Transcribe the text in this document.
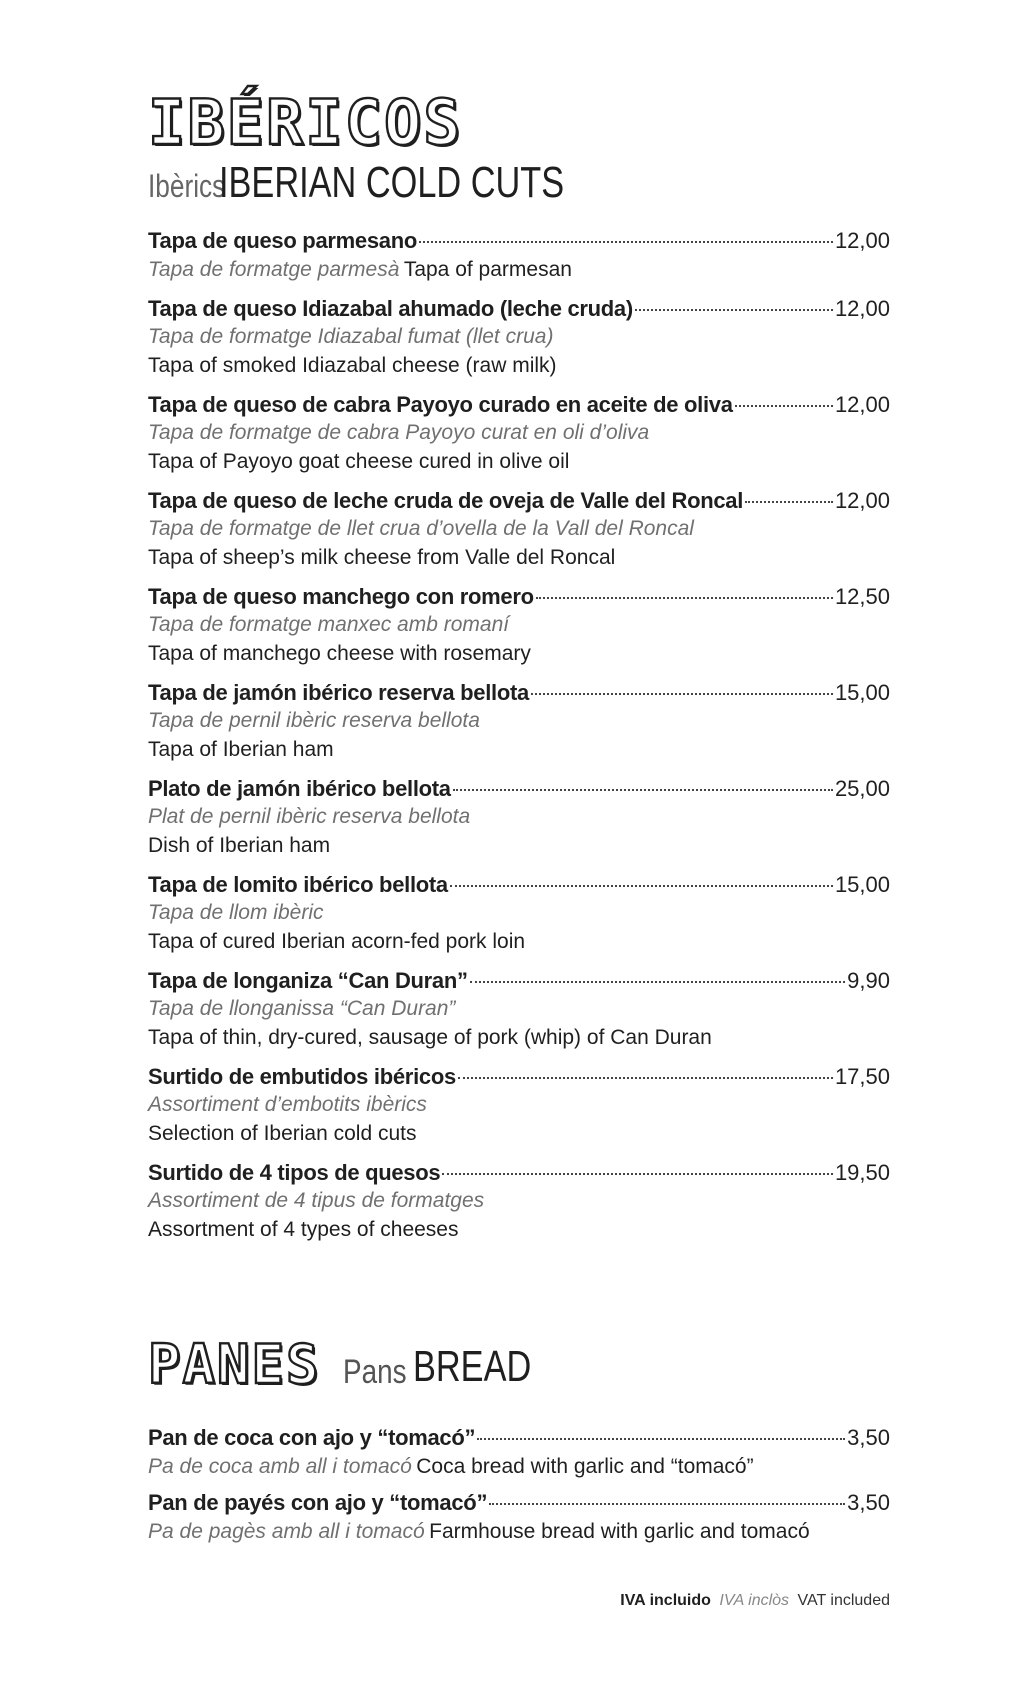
IBÉRICOS
Ibèrics IBERIAN COLD CUTS
Tapa de queso parmesano	12,00
Tapa de formatge parmesà Tapa of parmesan
Tapa de queso Idiazabal ahumado (leche cruda)	12,00
Tapa de formatge Idiazabal fumat (llet crua)
Tapa of smoked Idiazabal cheese (raw milk)
Tapa de queso de cabra Payoyo curado en aceite de oliva	12,00
Tapa de formatge de cabra Payoyo curat en oli d’oliva
Tapa of Payoyo goat cheese cured in olive oil
Tapa de queso de leche cruda de oveja de Valle del Roncal	12,00
Tapa de formatge de llet crua d’ovella de la Vall del Roncal
Tapa of sheep’s milk cheese from Valle del Roncal
Tapa de queso manchego con romero	12,50
Tapa de formatge manxec amb romaní
Tapa of manchego cheese with rosemary
Tapa de jamón ibérico reserva bellota	15,00
Tapa de pernil ibèric reserva bellota
Tapa of Iberian ham
Plato de jamón ibérico bellota	25,00
Plat de pernil ibèric reserva bellota
Dish of Iberian ham
Tapa de lomito ibérico bellota	15,00
Tapa de llom ibèric
Tapa of cured Iberian acorn-fed pork loin
Tapa de longaniza “Can Duran”	9,90
Tapa de llonganissa “Can Duran”
Tapa of thin, dry-cured, sausage of pork (whip) of Can Duran
Surtido de embutidos ibéricos	17,50
Assortiment d’embotits ibèrics
Selection of Iberian cold cuts
Surtido de 4 tipos de quesos	19,50
Assortiment de 4 tipus de formatges
Assortment of 4 types of cheeses
PANES Pans BREAD
Pan de coca con ajo y “tomacó”	3,50
Pa de coca amb all i tomacó Coca bread with garlic and “tomacó”
Pan de payés con ajo y “tomacó”	3,50
Pa de pagès amb all i tomacó Farmhouse bread with garlic and tomacó
IVA incluido IVA inclòs VAT included
